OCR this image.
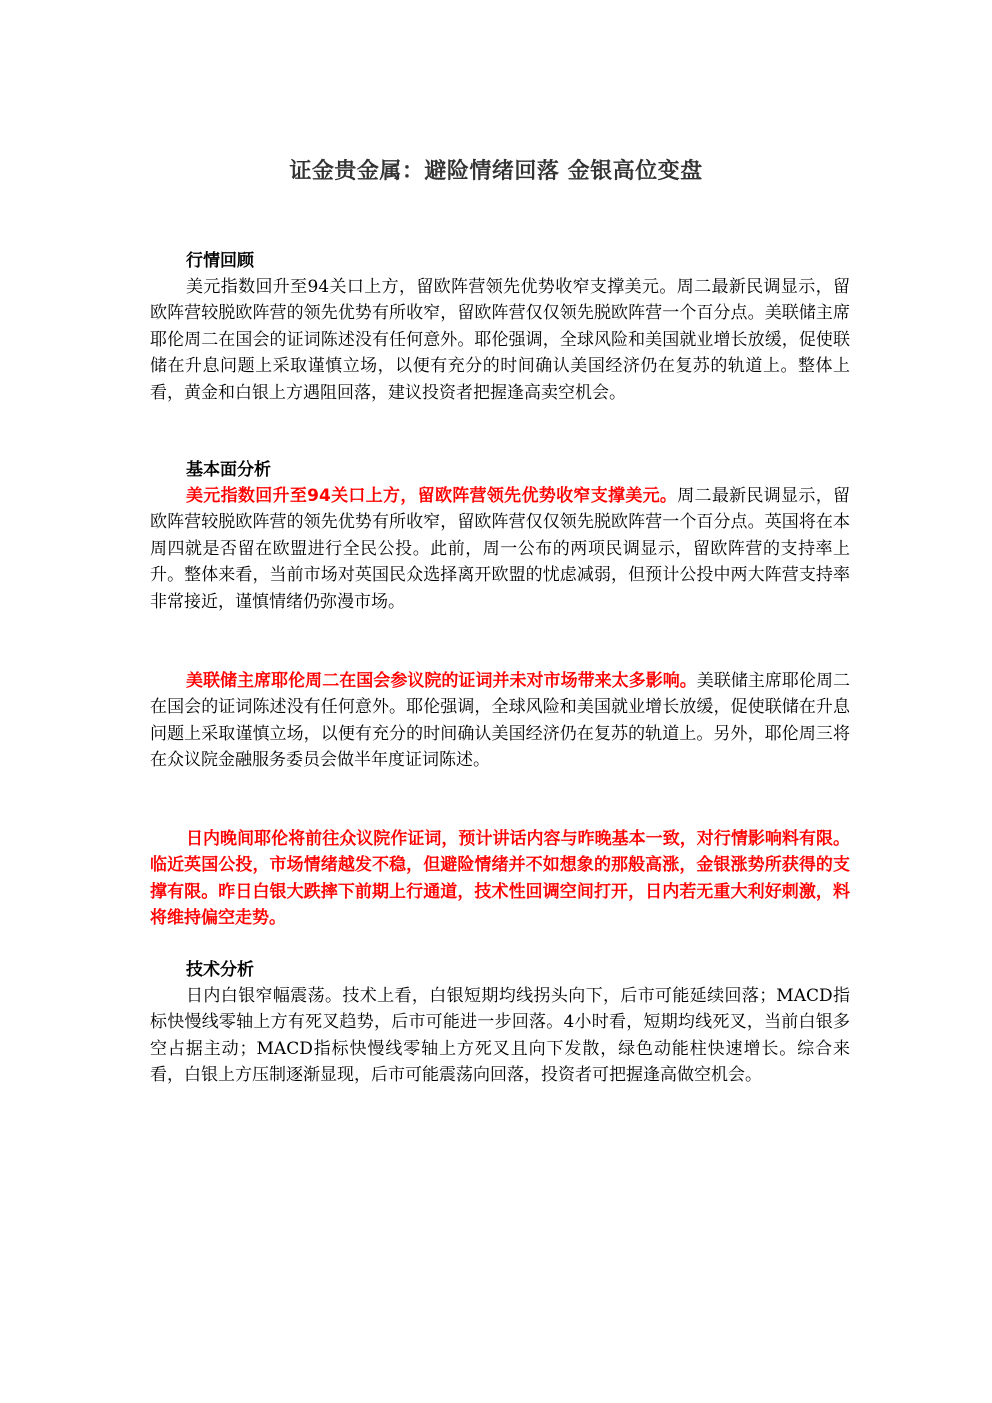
证金贵金属：避险情绪回落 金银高位变盘
行情回顾

美元指数回升至94关口上方，留欧阵营领先优势收窄支撑美元。周二最新民调显示，留欧阵营较脱欧阵营的领先优势有所收窄，留欧阵营仅仅领先脱欧阵营一个百分点。美联储主席耶伦周二在国会的证词陈述没有任何意外。耶伦强调，全球风险和美国就业增长放缓，促使联储在升息问题上采取谨慎立场，以便有充分的时间确认美国经济仍在复苏的轨道上。整体上看，黄金和白银上方遇阻回落，建议投资者把握逢高卖空机会。

基本面分析

美元指数回升至94关口上方，留欧阵营领先优势收窄支撑美元。周二最新民调显示，留欧阵营较脱欧阵营的领先优势有所收窄，留欧阵营仅仅领先脱欧阵营一个百分点。英国将在本周四就是否留在欧盟进行全民公投。此前，周一公布的两项民调显示，留欧阵营的支持率上升。整体来看，当前市场对英国民众选择离开欧盟的忧虑减弱，但预计公投中两大阵营支持率非常接近，谨慎情绪仍弥漫市场。

美联储主席耶伦周二在国会参议院的证词并未对市场带来太多影响。美联储主席耶伦周二在国会的证词陈述没有任何意外。耶伦强调，全球风险和美国就业增长放缓，促使联储在升息问题上采取谨慎立场，以便有充分的时间确认美国经济仍在复苏的轨道上。另外，耶伦周三将在众议院金融服务委员会做半年度证词陈述。

日内晚间耶伦将前往众议院作证词，预计讲话内容与昨晚基本一致，对行情影响料有限。临近英国公投，市场情绪越发不稳，但避险情绪并不如想象的那般高涨，金银涨势所获得的支撑有限。昨日白银大跌摔下前期上行通道，技术性回调空间打开，日内若无重大利好刺激，料将维持偏空走势。

技术分析

日内白银窄幅震荡。技术上看，白银短期均线拐头向下，后市可能延续回落；MACD指标快慢线零轴上方有死叉趋势，后市可能进一步回落。4小时看，短期均线死叉，当前白银多空占据主动；MACD指标快慢线零轴上方死叉且向下发散，绿色动能柱快速增长。综合来看，白银上方压制逐渐显现，后市可能震荡向回落，投资者可把握逢高做空机会。
